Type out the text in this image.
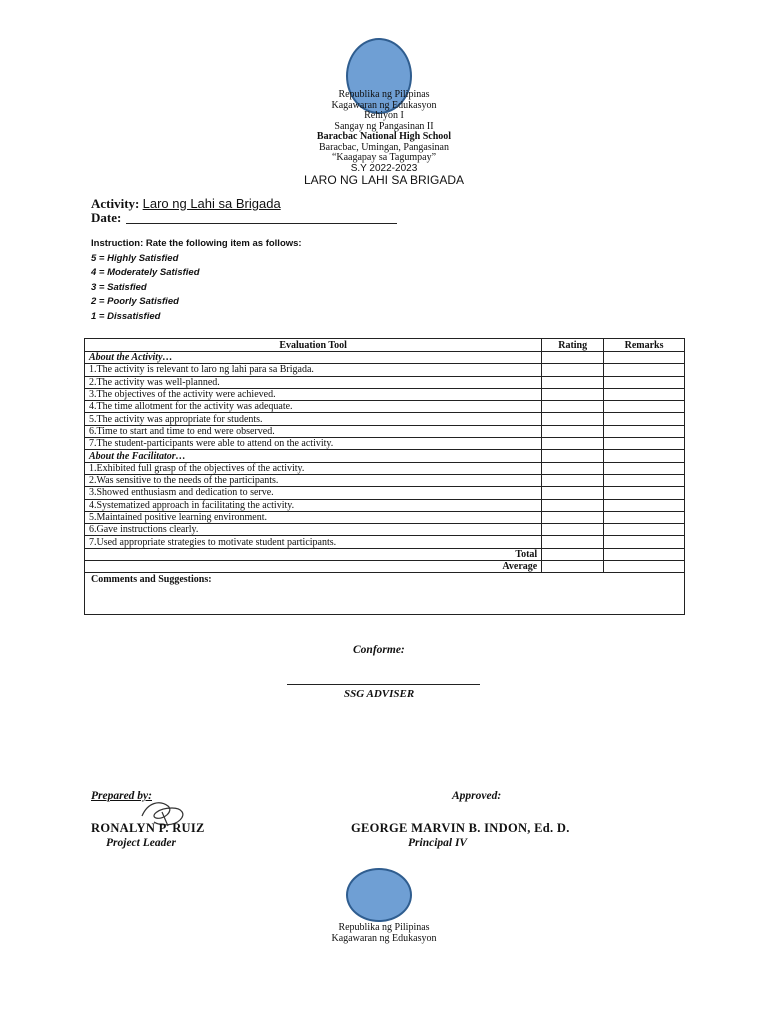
Republika ng Pilipinas
Kagawaran ng Edukasyon
Rehiyon I
Sangay ng Pangasinan II
Baracbac National High School
Baracbac, Umingan, Pangasinan
“Kaagapay sa Tagumpay”
S.Y 2022-2023
LARO NG LAHI SA BRIGADA
Activity: Laro ng Lahi sa Brigada
Date:
Instruction: Rate the following item as follows:
5 = Highly Satisfied
4 = Moderately Satisfied
3 = Satisfied
2 = Poorly Satisfied
1 = Dissatisfied
Evaluation Tool	Rating	Remarks
About the Activity…		
1.The activity is relevant to laro ng lahi para sa Brigada.		
2.The activity was well-planned.		
3.The objectives of the activity were achieved.		
4.The time allotment for the activity was adequate.		
5.The activity was appropriate for students.		
6.Time to start and time to end were observed.		
7.The student-participants were able to attend on the activity.		
About the Facilitator…		
1.Exhibited full grasp of the objectives of the activity.		
2.Was sensitive to the needs of the participants.		
3.Showed enthusiasm and dedication to serve.		
4.Systematized approach in facilitating the activity.		
5.Maintained positive learning environment.		
6.Gave instructions clearly.		
7.Used appropriate strategies to motivate student participants.		
Total		
Average		
Comments and Suggestions:
Conforme:
SSG ADVISER
Prepared by:
RONALYN P. RUIZ
Project Leader
Approved:
GEORGE MARVIN B. INDON, Ed. D.
Principal IV
Republika ng Pilipinas
Kagawaran ng Edukasyon
